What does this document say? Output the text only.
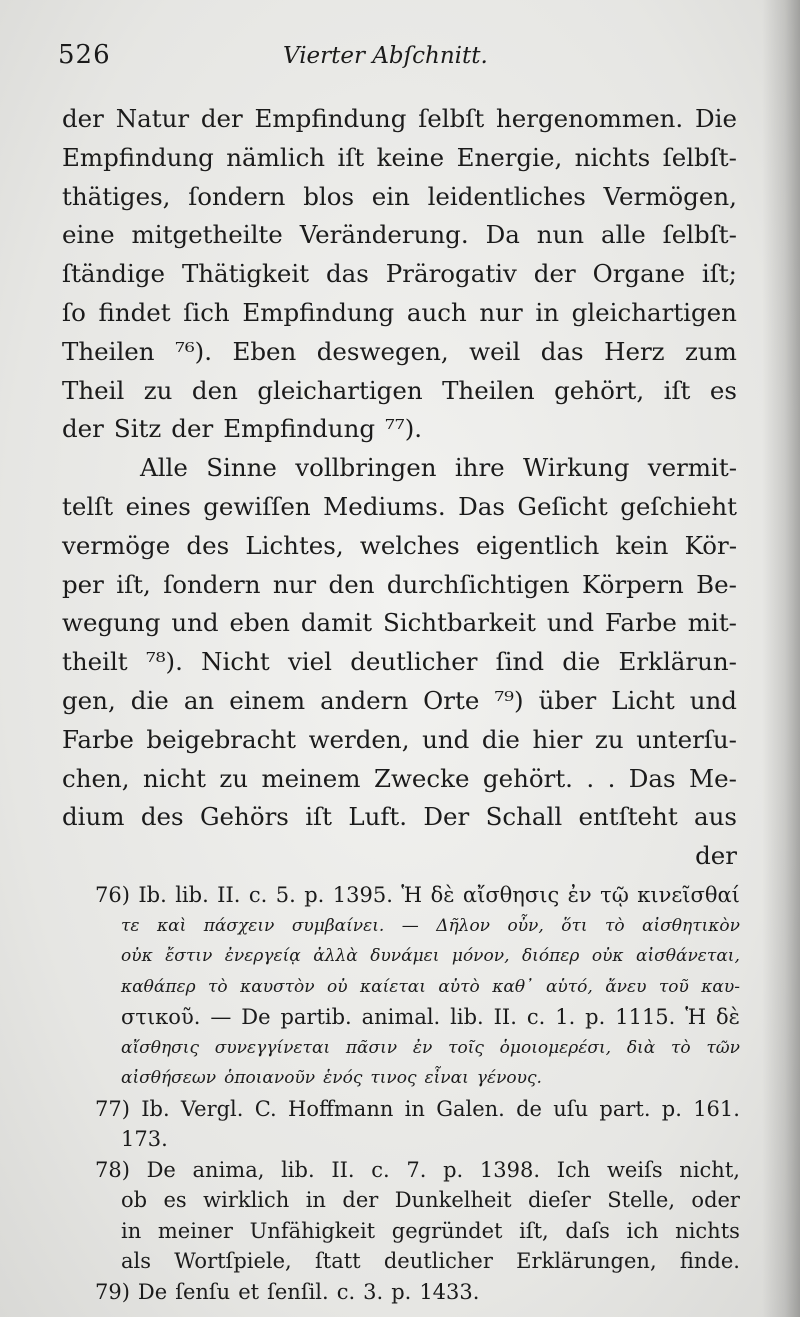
526	Vierter Abſchnitt.
der Natur der Empfindung ſelbſt hergenommen. Die
Empfindung nämlich iſt keine Energie, nichts ſelbſt-
thätiges, ſondern blos ein leidentliches Vermögen,
eine mitgetheilte Veränderung. Da nun alle ſelbſt-
ſtändige Thätigkeit das Prärogativ der Organe iſt;
ſo findet ſich Empfindung auch nur in gleichartigen
Theilen ⁷⁶). Eben deswegen, weil das Herz zum
Theil zu den gleichartigen Theilen gehört, iſt es
der Sitz der Empfindung ⁷⁷).
Alle Sinne vollbringen ihre Wirkung vermit-
telſt eines gewiſſen Mediums. Das Geſicht geſchieht
vermöge des Lichtes, welches eigentlich kein Kör-
per iſt, ſondern nur den durchſichtigen Körpern Be-
wegung und eben damit Sichtbarkeit und Farbe mit-
theilt ⁷⁸). Nicht viel deutlicher ſind die Erklärun-
gen, die an einem andern Orte ⁷⁹) über Licht und
Farbe beigebracht werden, und die hier zu unterſu-
chen, nicht zu meinem Zwecke gehört. . . Das Me-
dium des Gehörs iſt Luft. Der Schall entſteht aus
der
76) Ib. lib. II. c. 5. p. 1395. Ἡ δὲ αἴσθησις ἐν τῷ κινεῖσθαί
τε καὶ πάσχειν συμβαίνει. — Δῆλον οὖν, ὅτι τὸ αἰσθητικὸν
οὐκ ἔστιν ἐνεργείᾳ ἀλλὰ δυνάμει μόνον, διόπερ οὐκ αἰσθάνεται,
καθάπερ τὸ καυστὸν οὐ καίεται αὐτὸ καθ᾽ αὑτό, ἄνευ τοῦ καυ-
στικοῦ. — De partib. animal. lib. II. c. 1. p. 1115. Ἡ δὲ
αἴσθησις συνεγγίνεται πᾶσιν ἐν τοῖς ὁμοιομερέσι, διὰ τὸ τῶν
αἰσθήσεων ὁποιανοῦν ἑνός τινος εἶναι γένους.
77) Ib. Vergl. C. Hoffmann in Galen. de uſu part. p. 161.
173.
78) De anima, lib. II. c. 7. p. 1398. Ich weiſs nicht,
ob es wirklich in der Dunkelheit dieſer Stelle, oder
in meiner Unfähigkeit gegründet iſt, daſs ich nichts
als Wortſpiele, ſtatt deutlicher Erklärungen, finde.
79) De ſenſu et ſenſil. c. 3. p. 1433.
